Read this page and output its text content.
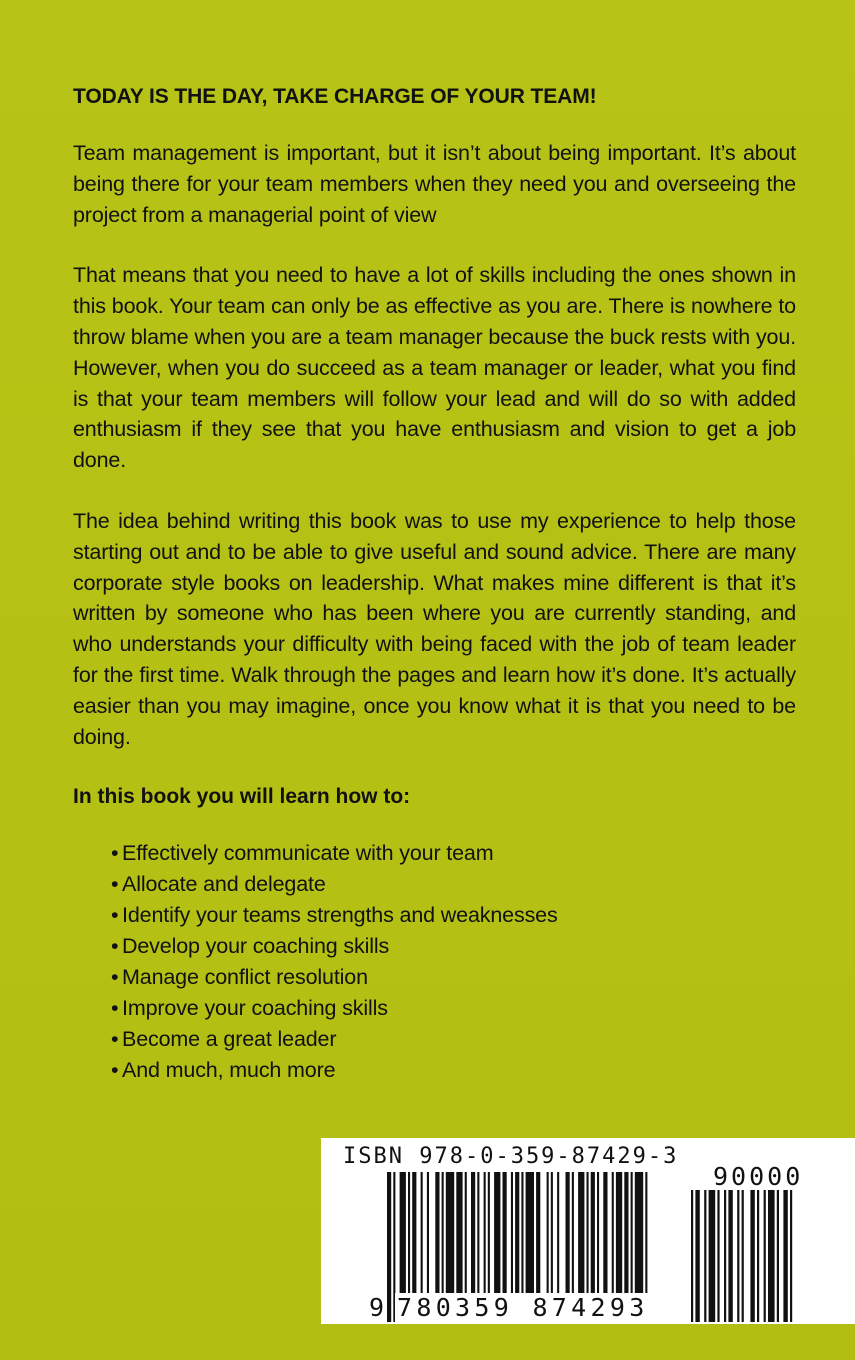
TODAY IS THE DAY, TAKE CHARGE OF YOUR TEAM!

Team management is important, but it isn’t about being important. It’s about being there for your team members when they need you and overseeing the project from a managerial point of view

That means that you need to have a lot of skills including the ones shown in this book. Your team can only be as effective as you are. There is nowhere to throw blame when you are a team manager because the buck rests with you. However, when you do succeed as a team manager or leader, what you find is that your team members will follow your lead and will do so with added enthusiasm if they see that you have enthusiasm and vision to get a job done.

The idea behind writing this book was to use my experience to help those starting out and to be able to give useful and sound advice. There are many corporate style books on leadership. What makes mine different is that it’s written by someone who has been where you are currently standing, and who understands your difficulty with being faced with the job of team leader for the first time. Walk through the pages and learn how it’s done. It’s actually easier than you may imagine, once you know what it is that you need to be doing.

In this book you will learn how to:
• Effectively communicate with your team
• Allocate and delegate
• Identify your teams strengths and weaknesses
• Develop your coaching skills
• Manage conflict resolution
• Improve your coaching skills
• Become a great leader
• And much, much more
ISBN 978-0-359-87429-3
90000
9 780359 874293
